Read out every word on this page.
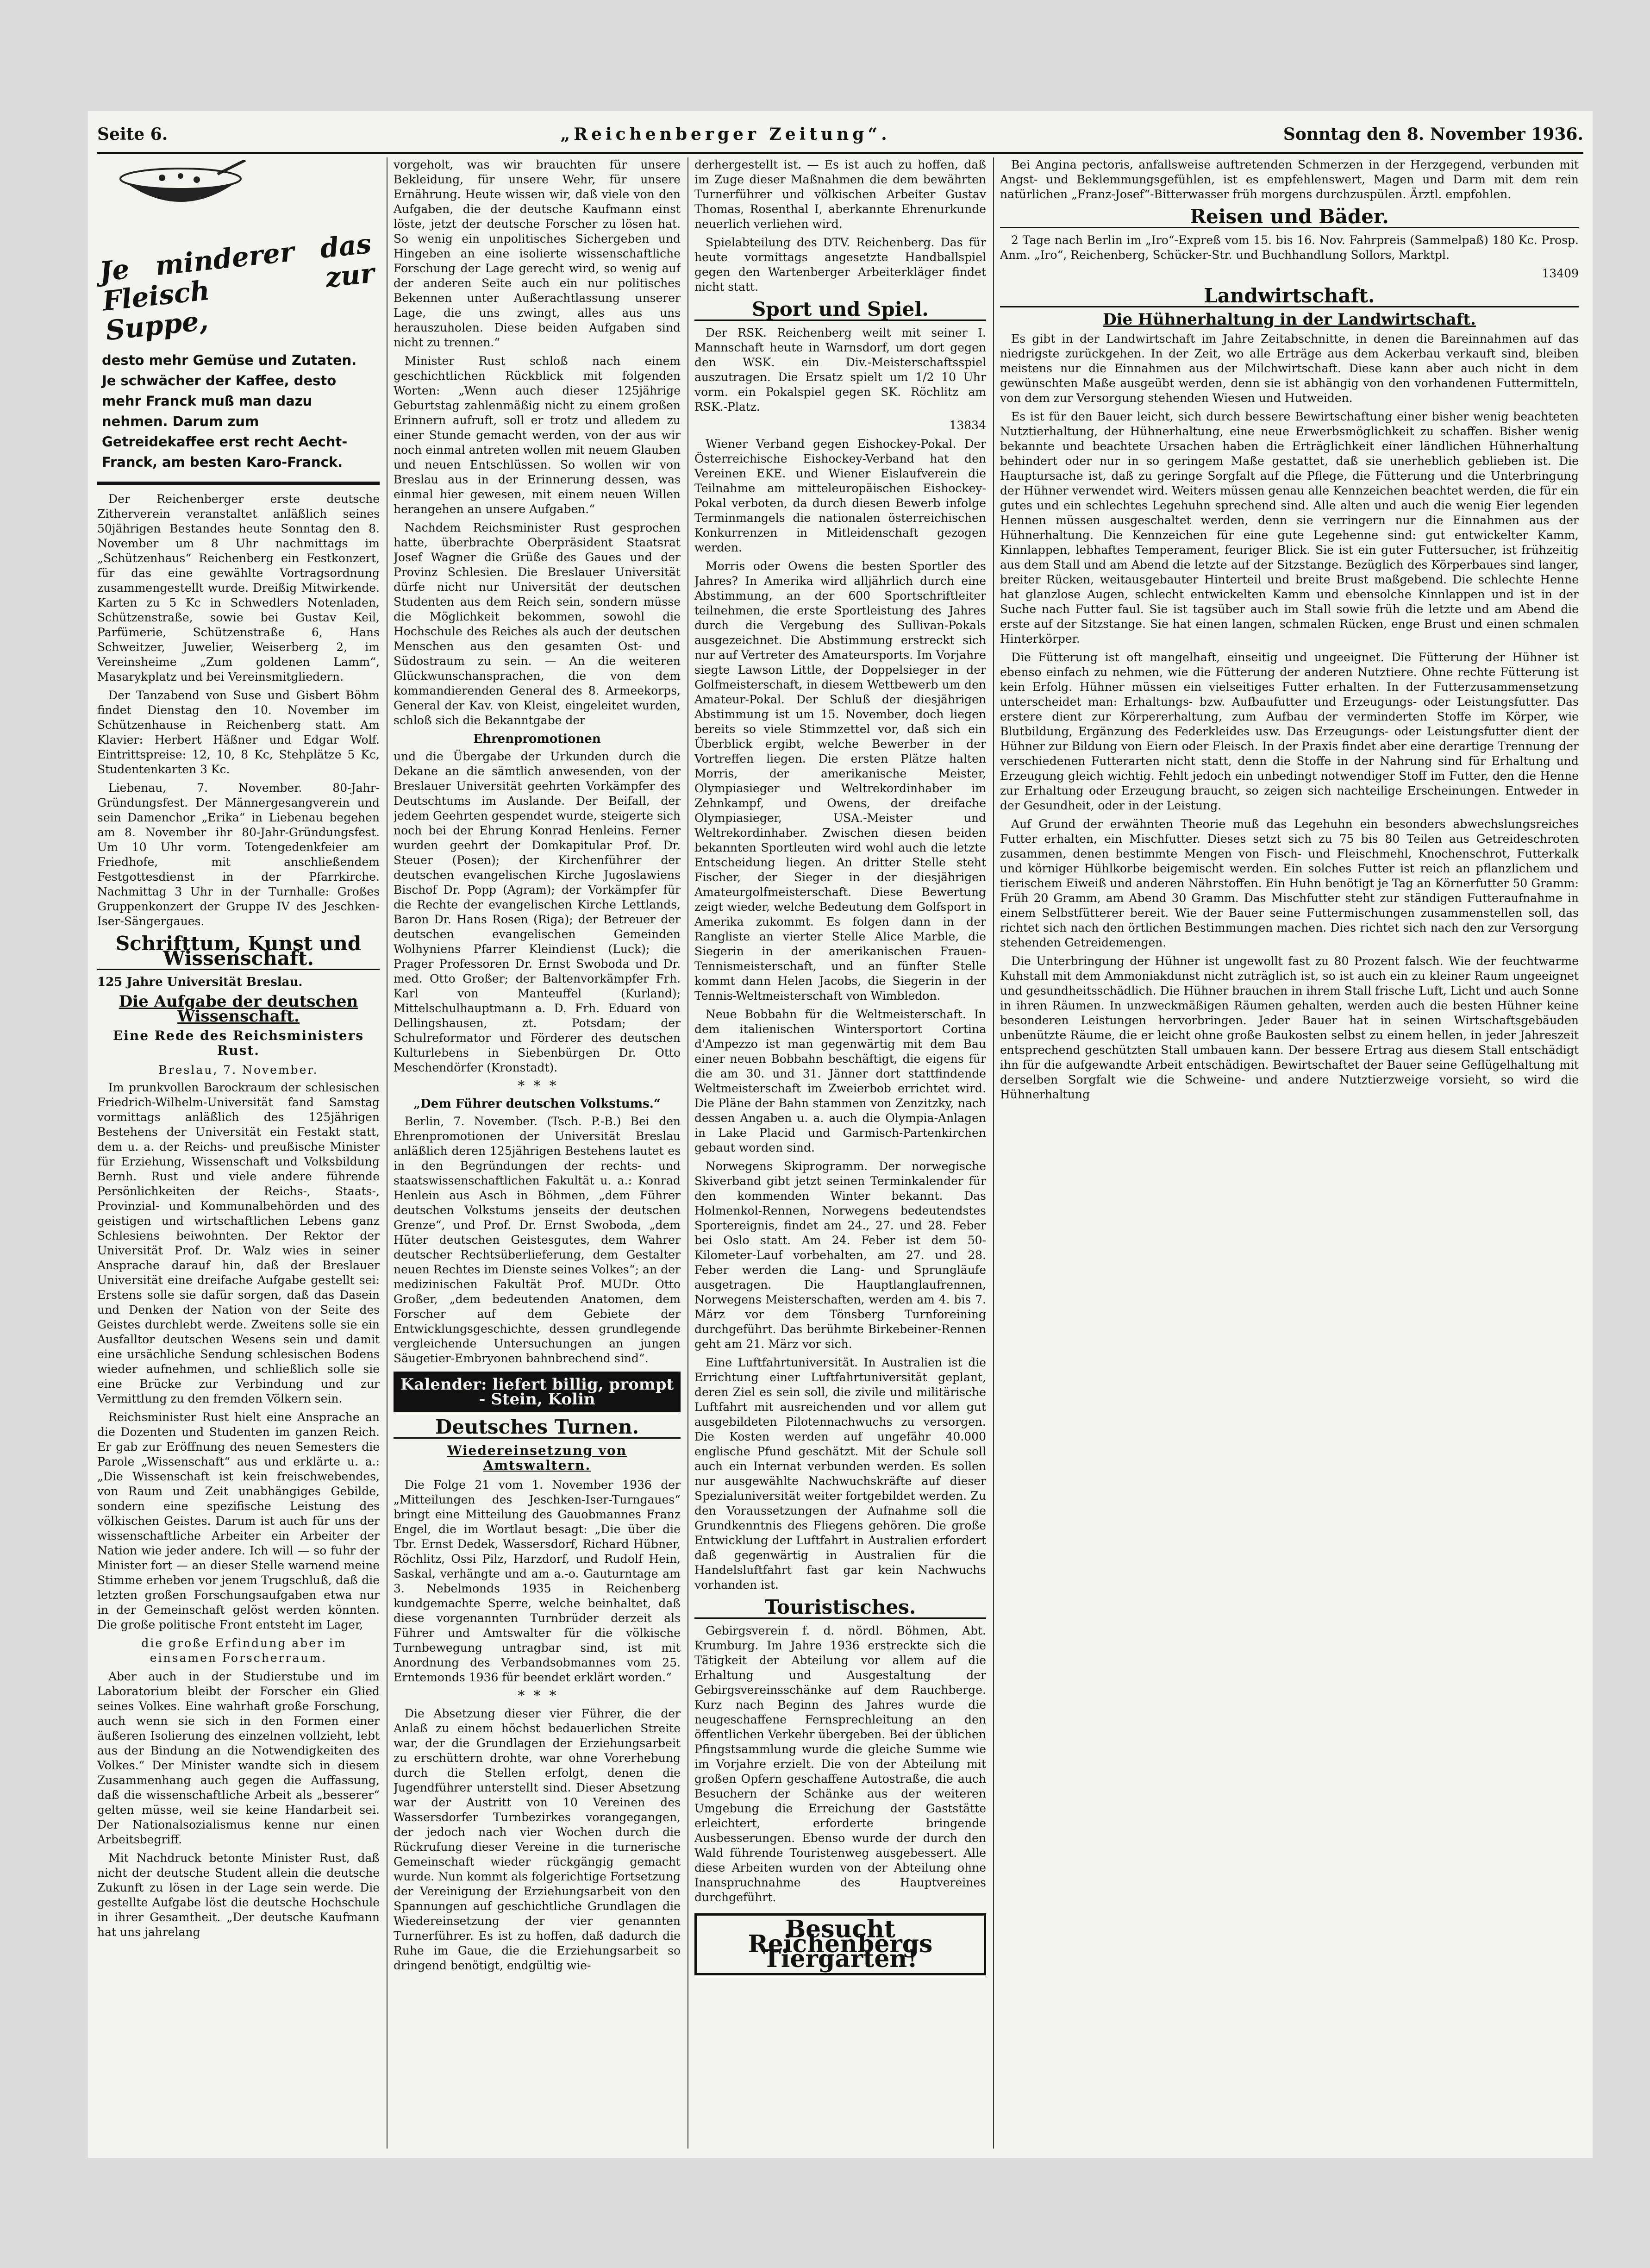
Seite 6.	„Reichenberger Zeitung“.	Sonntag den 8. November 1936.
Je minderer das Fleisch zur Suppe,
desto mehr Gemüse und Zutaten. Je schwächer der Kaffee, desto mehr Franck muß man dazu nehmen. Darum zum Getreidekaffee erst recht Aecht-Franck, am besten Karo-Franck.

Der Reichenberger erste deutsche Zitherverein veranstaltet anläßlich seines 50jährigen Bestandes heute Sonntag den 8. November um 8 Uhr nachmittags im „Schützenhaus“ Reichenberg ein Festkonzert, für das eine gewählte Vortragsordnung zusammengestellt wurde. Dreißig Mitwirkende. Karten zu 5 Kc in Schwedlers Notenladen, Schützenstraße, sowie bei Gustav Keil, Parfümerie, Schützenstraße 6, Hans Schweitzer, Juwelier, Weiserberg 2, im Vereinsheime „Zum goldenen Lamm“, Masarykplatz und bei Vereinsmitgliedern.

Der Tanzabend von Suse und Gisbert Böhm findet Dienstag den 10. November im Schützenhause in Reichenberg statt. Am Klavier: Herbert Häßner und Edgar Wolf. Eintrittspreise: 12, 10, 8 Kc, Stehplätze 5 Kc, Studentenkarten 3 Kc.

Liebenau, 7. November. 80-Jahr-Gründungsfest. Der Männergesangverein und sein Damenchor „Erika“ in Liebenau begehen am 8. November ihr 80-Jahr-Gründungsfest. Um 10 Uhr vorm. Totengedenkfeier am Friedhofe, mit anschließendem Festgottesdienst in der Pfarrkirche. Nachmittag 3 Uhr in der Turnhalle: Großes Gruppenkonzert der Gruppe IV des Jeschken-Iser-Sängergaues.

Schrifttum, Kunst und Wissenschaft.
125 Jahre Universität Breslau.
Die Aufgabe der deutschen Wissenschaft.
Eine Rede des Reichsministers Rust.
Breslau, 7. November.

Im prunkvollen Barockraum der schlesischen Friedrich-Wilhelm-Universität fand Samstag vormittags anläßlich des 125jährigen Bestehens der Universität ein Festakt statt, dem u. a. der Reichs- und preußische Minister für Erziehung, Wissenschaft und Volksbildung Bernh. Rust und viele andere führende Persönlichkeiten der Reichs-, Staats-, Provinzial- und Kommunalbehörden und des geistigen und wirtschaftlichen Lebens ganz Schlesiens beiwohnten. Der Rektor der Universität Prof. Dr. Walz wies in seiner Ansprache darauf hin, daß der Breslauer Universität eine dreifache Aufgabe gestellt sei: Erstens solle sie dafür sorgen, daß das Dasein und Denken der Nation von der Seite des Geistes durchlebt werde. Zweitens solle sie ein Ausfalltor deutschen Wesens sein und damit eine ursächliche Sendung schlesischen Bodens wieder aufnehmen, und schließlich solle sie eine Brücke zur Verbindung und zur Vermittlung zu den fremden Völkern sein.

Reichsminister Rust hielt eine Ansprache an die Dozenten und Studenten im ganzen Reich. Er gab zur Eröffnung des neuen Semesters die Parole „Wissenschaft“ aus und erklärte u. a.: „Die Wissenschaft ist kein freischwebendes, von Raum und Zeit unabhängiges Gebilde, sondern eine spezifische Leistung des völkischen Geistes. Darum ist auch für uns der wissenschaftliche Arbeiter ein Arbeiter der Nation wie jeder andere. Ich will — so fuhr der Minister fort — an dieser Stelle warnend meine Stimme erheben vor jenem Trugschluß, daß die letzten großen Forschungsaufgaben etwa nur in der Gemeinschaft gelöst werden könnten. Die große politische Front entsteht im Lager,

die große Erfindung aber im einsamen Forscherraum.

Aber auch in der Studierstube und im Laboratorium bleibt der Forscher ein Glied seines Volkes. Eine wahrhaft große Forschung, auch wenn sie sich in den Formen einer äußeren Isolierung des einzelnen vollzieht, lebt aus der Bindung an die Notwendigkeiten des Volkes.“ Der Minister wandte sich in diesem Zusammenhang auch gegen die Auffassung, daß die wissenschaftliche Arbeit als „besserer“ gelten müsse, weil sie keine Handarbeit sei. Der Nationalsozialismus kenne nur einen Arbeitsbegriff.

Mit Nachdruck betonte Minister Rust, daß nicht der deutsche Student allein die deutsche Zukunft zu lösen in der Lage sein werde. Die gestellte Aufgabe löst die deutsche Hochschule in ihrer Gesamtheit. „Der deutsche Kaufmann hat uns jahrelang

vorgeholt, was wir brauchten für unsere Bekleidung, für unsere Wehr, für unsere Ernährung. Heute wissen wir, daß viele von den Aufgaben, die der deutsche Kaufmann einst löste, jetzt der deutsche Forscher zu lösen hat. So wenig ein unpolitisches Sichergeben und Hingeben an eine isolierte wissenschaftliche Forschung der Lage gerecht wird, so wenig auf der anderen Seite auch ein nur politisches Bekennen unter Außerachtlassung unserer Lage, die uns zwingt, alles aus uns herauszuholen. Diese beiden Aufgaben sind nicht zu trennen.“

Minister Rust schloß nach einem geschichtlichen Rückblick mit folgenden Worten: „Wenn auch dieser 125jährige Geburtstag zahlenmäßig nicht zu einem großen Erinnern aufruft, soll er trotz und alledem zu einer Stunde gemacht werden, von der aus wir noch einmal antreten wollen mit neuem Glauben und neuen Entschlüssen. So wollen wir von Breslau aus in der Erinnerung dessen, was einmal hier gewesen, mit einem neuen Willen herangehen an unsere Aufgaben.“

Nachdem Reichsminister Rust gesprochen hatte, überbrachte Oberpräsident Staatsrat Josef Wagner die Grüße des Gaues und der Provinz Schlesien. Die Breslauer Universität dürfe nicht nur Universität der deutschen Studenten aus dem Reich sein, sondern müsse die Möglichkeit bekommen, sowohl die Hochschule des Reiches als auch der deutschen Menschen aus den gesamten Ost- und Südostraum zu sein. — An die weiteren Glückwunschansprachen, die von dem kommandierenden General des 8. Armeekorps, General der Kav. von Kleist, eingeleitet wurden, schloß sich die Bekanntgabe der

Ehrenpromotionen

und die Übergabe der Urkunden durch die Dekane an die sämtlich anwesenden, von der Breslauer Universität geehrten Vorkämpfer des Deutschtums im Auslande. Der Beifall, der jedem Geehrten gespendet wurde, steigerte sich noch bei der Ehrung Konrad Henleins. Ferner wurden geehrt der Domkapitular Prof. Dr. Steuer (Posen); der Kirchenführer der deutschen evangelischen Kirche Jugoslawiens Bischof Dr. Popp (Agram); der Vorkämpfer für die Rechte der evangelischen Kirche Lettlands, Baron Dr. Hans Rosen (Riga); der Betreuer der deutschen evangelischen Gemeinden Wolhyniens Pfarrer Kleindienst (Luck); die Prager Professoren Dr. Ernst Swoboda und Dr. med. Otto Großer; der Baltenvorkämpfer Frh. Karl von Manteuffel (Kurland); Mittelschulhauptmann a. D. Frh. Eduard von Dellingshausen, zt. Potsdam; der Schulreformator und Förderer des deutschen Kulturlebens in Siebenbürgen Dr. Otto Meschendörfer (Kronstadt).

*  *  *
„Dem Führer deutschen Volkstums.“

Berlin, 7. November. (Tsch. P.-B.) Bei den Ehrenpromotionen der Universität Breslau anläßlich deren 125jährigen Bestehens lautet es in den Begründungen der rechts- und staatswissenschaftlichen Fakultät u. a.: Konrad Henlein aus Asch in Böhmen, „dem Führer deutschen Volkstums jenseits der deutschen Grenze“, und Prof. Dr. Ernst Swoboda, „dem Hüter deutschen Geistesgutes, dem Wahrer deutscher Rechtsüberlieferung, dem Gestalter neuen Rechtes im Dienste seines Volkes“; an der medizinischen Fakultät Prof. MUDr. Otto Großer, „dem bedeutenden Anatomen, dem Forscher auf dem Gebiete der Entwicklungsgeschichte, dessen grundlegende vergleichende Untersuchungen an jungen Säugetier-Embryonen bahnbrechend sind“.

Kalender: liefert billig, prompt - Stein, Kolin
Deutsches Turnen.
Wiedereinsetzung von Amtswaltern.

Die Folge 21 vom 1. November 1936 der „Mitteilungen des Jeschken-Iser-Turngaues“ bringt eine Mitteilung des Gauobmannes Franz Engel, die im Wortlaut besagt: „Die über die Tbr. Ernst Dedek, Wassersdorf, Richard Hübner, Röchlitz, Ossi Pilz, Harzdorf, und Rudolf Hein, Saskal, verhängte und am a.-o. Gauturntage am 3. Nebelmonds 1935 in Reichenberg kundgemachte Sperre, welche beinhaltet, daß diese vorgenannten Turnbrüder derzeit als Führer und Amtswalter für die völkische Turnbewegung untragbar sind, ist mit Anordnung des Verbandsobmannes vom 25. Erntemonds 1936 für beendet erklärt worden.“

*  *  *

Die Absetzung dieser vier Führer, die der Anlaß zu einem höchst bedauerlichen Streite war, der die Grundlagen der Erziehungsarbeit zu erschüttern drohte, war ohne Vorerhebung durch die Stellen erfolgt, denen die Jugendführer unterstellt sind. Dieser Absetzung war der Austritt von 10 Vereinen des Wassersdorfer Turnbezirkes vorangegangen, der jedoch nach vier Wochen durch die Rückrufung dieser Vereine in die turnerische Gemeinschaft wieder rückgängig gemacht wurde. Nun kommt als folgerichtige Fortsetzung der Vereinigung der Erziehungsarbeit von den Spannungen auf geschichtliche Grundlagen die Wiedereinsetzung der vier genannten Turnerführer. Es ist zu hoffen, daß dadurch die Ruhe im Gaue, die die Erziehungsarbeit so dringend benötigt, endgültig wie-

derhergestellt ist. — Es ist auch zu hoffen, daß im Zuge dieser Maßnahmen die dem bewährten Turnerführer und völkischen Arbeiter Gustav Thomas, Rosenthal I, aberkannte Ehrenurkunde neuerlich verliehen wird.

Spielabteilung des DTV. Reichenberg. Das für heute vormittags angesetzte Handballspiel gegen den Wartenberger Arbeiterkläger findet nicht statt.

Sport und Spiel.

Der RSK. Reichenberg weilt mit seiner I. Mannschaft heute in Warnsdorf, um dort gegen den WSK. ein Div.-Meisterschaftsspiel auszutragen. Die Ersatz spielt um 1/2 10 Uhr vorm. ein Pokalspiel gegen SK. Röchlitz am RSK.-Platz.

13834

Wiener Verband gegen Eishockey-Pokal. Der Österreichische Eishockey-Verband hat den Vereinen EKE. und Wiener Eislaufverein die Teilnahme am mitteleuropäischen Eishockey-Pokal verboten, da durch diesen Bewerb infolge Terminmangels die nationalen österreichischen Konkurrenzen in Mitleidenschaft gezogen werden.

Morris oder Owens die besten Sportler des Jahres? In Amerika wird alljährlich durch eine Abstimmung, an der 600 Sportschriftleiter teilnehmen, die erste Sportleistung des Jahres durch die Vergebung des Sullivan-Pokals ausgezeichnet. Die Abstimmung erstreckt sich nur auf Vertreter des Amateursports. Im Vorjahre siegte Lawson Little, der Doppelsieger in der Golfmeisterschaft, in diesem Wettbewerb um den Amateur-Pokal. Der Schluß der diesjährigen Abstimmung ist um 15. November, doch liegen bereits so viele Stimmzettel vor, daß sich ein Überblick ergibt, welche Bewerber in der Vortreffen liegen. Die ersten Plätze halten Morris, der amerikanische Meister, Olympiasieger und Weltrekordinhaber im Zehnkampf, und Owens, der dreifache Olympiasieger, USA.-Meister und Weltrekordinhaber. Zwischen diesen beiden bekannten Sportleuten wird wohl auch die letzte Entscheidung liegen. An dritter Stelle steht Fischer, der Sieger in der diesjährigen Amateurgolfmeisterschaft. Diese Bewertung zeigt wieder, welche Bedeutung dem Golfsport in Amerika zukommt. Es folgen dann in der Rangliste an vierter Stelle Alice Marble, die Siegerin in der amerikanischen Frauen-Tennismeisterschaft, und an fünfter Stelle kommt dann Helen Jacobs, die Siegerin in der Tennis-Weltmeisterschaft von Wimbledon.

Neue Bobbahn für die Weltmeisterschaft. In dem italienischen Wintersportort Cortina d'Ampezzo ist man gegenwärtig mit dem Bau einer neuen Bobbahn beschäftigt, die eigens für die am 30. und 31. Jänner dort stattfindende Weltmeisterschaft im Zweierbob errichtet wird. Die Pläne der Bahn stammen von Zenzitzky, nach dessen Angaben u. a. auch die Olympia-Anlagen in Lake Placid und Garmisch-Partenkirchen gebaut worden sind.

Norwegens Skiprogramm. Der norwegische Skiverband gibt jetzt seinen Terminkalender für den kommenden Winter bekannt. Das Holmenkol-Rennen, Norwegens bedeutendstes Sportereignis, findet am 24., 27. und 28. Feber bei Oslo statt. Am 24. Feber ist dem 50-Kilometer-Lauf vorbehalten, am 27. und 28. Feber werden die Lang- und Sprungläufe ausgetragen. Die Hauptlanglaufrennen, Norwegens Meisterschaften, werden am 4. bis 7. März vor dem Tönsberg Turnforeining durchgeführt. Das berühmte Birkebeiner-Rennen geht am 21. März vor sich.

Eine Luftfahrtuniversität. In Australien ist die Errichtung einer Luftfahrtuniversität geplant, deren Ziel es sein soll, die zivile und militärische Luftfahrt mit ausreichenden und vor allem gut ausgebildeten Pilotennachwuchs zu versorgen. Die Kosten werden auf ungefähr 40.000 englische Pfund geschätzt. Mit der Schule soll auch ein Internat verbunden werden. Es sollen nur ausgewählte Nachwuchskräfte auf dieser Spezialuniversität weiter fortgebildet werden. Zu den Voraussetzungen der Aufnahme soll die Grundkenntnis des Fliegens gehören. Die große Entwicklung der Luftfahrt in Australien erfordert daß gegenwärtig in Australien für die Handelsluftfahrt fast gar kein Nachwuchs vorhanden ist.

Touristisches.

Gebirgsverein f. d. nördl. Böhmen, Abt. Krumburg. Im Jahre 1936 erstreckte sich die Tätigkeit der Abteilung vor allem auf die Erhaltung und Ausgestaltung der Gebirgsvereinsschänke auf dem Rauchberge. Kurz nach Beginn des Jahres wurde die neugeschaffene Fernsprechleitung an den öffentlichen Verkehr übergeben. Bei der üblichen Pfingstsammlung wurde die gleiche Summe wie im Vorjahre erzielt. Die von der Abteilung mit großen Opfern geschaffene Autostraße, die auch Besuchern der Schänke aus der weiteren Umgebung die Erreichung der Gaststätte erleichtert, erforderte bringende Ausbesserungen. Ebenso wurde der durch den Wald führende Touristenweg ausgebessert. Alle diese Arbeiten wurden von der Abteilung ohne Inanspruchnahme des Hauptvereines durchgeführt.

Besucht Reichenbergs Tiergarten!

Bei Angina pectoris, anfallsweise auftretenden Schmerzen in der Herzgegend, verbunden mit Angst- und Beklemmungsgefühlen, ist es empfehlenswert, Magen und Darm mit dem rein natürlichen „Franz-Josef“-Bitterwasser früh morgens durchzuspülen. Ärztl. empfohlen.

Reisen und Bäder.

2 Tage nach Berlin im „Iro“-Expreß vom 15. bis 16. Nov. Fahrpreis (Sammelpaß) 180 Kc. Prosp. Anm. „Iro“, Reichenberg, Schücker-Str. und Buchhandlung Sollors, Marktpl.

13409

Landwirtschaft.
Die Hühnerhaltung in der Landwirtschaft.

Es gibt in der Landwirtschaft im Jahre Zeitabschnitte, in denen die Bareinnahmen auf das niedrigste zurückgehen. In der Zeit, wo alle Erträge aus dem Ackerbau verkauft sind, bleiben meistens nur die Einnahmen aus der Milchwirtschaft. Diese kann aber auch nicht in dem gewünschten Maße ausgeübt werden, denn sie ist abhängig von den vorhandenen Futtermitteln, von dem zur Versorgung stehenden Wiesen und Hutweiden.

Es ist für den Bauer leicht, sich durch bessere Bewirtschaftung einer bisher wenig beachteten Nutztierhaltung, der Hühnerhaltung, eine neue Erwerbsmöglichkeit zu schaffen. Bisher wenig bekannte und beachtete Ursachen haben die Erträglichkeit einer ländlichen Hühnerhaltung behindert oder nur in so geringem Maße gestattet, daß sie unerheblich geblieben ist. Die Hauptursache ist, daß zu geringe Sorgfalt auf die Pflege, die Fütterung und die Unterbringung der Hühner verwendet wird. Weiters müssen genau alle Kennzeichen beachtet werden, die für ein gutes und ein schlechtes Legehuhn sprechend sind. Alle alten und auch die wenig Eier legenden Hennen müssen ausgeschaltet werden, denn sie verringern nur die Einnahmen aus der Hühnerhaltung. Die Kennzeichen für eine gute Legehenne sind: gut entwickelter Kamm, Kinnlappen, lebhaftes Temperament, feuriger Blick. Sie ist ein guter Futtersucher, ist frühzeitig aus dem Stall und am Abend die letzte auf der Sitzstange. Bezüglich des Körperbaues sind langer, breiter Rücken, weitausgebauter Hinterteil und breite Brust maßgebend. Die schlechte Henne hat glanzlose Augen, schlecht entwickelten Kamm und ebensolche Kinnlappen und ist in der Suche nach Futter faul. Sie ist tagsüber auch im Stall sowie früh die letzte und am Abend die erste auf der Sitzstange. Sie hat einen langen, schmalen Rücken, enge Brust und einen schmalen Hinterkörper.

Die Fütterung ist oft mangelhaft, einseitig und ungeeignet. Die Fütterung der Hühner ist ebenso einfach zu nehmen, wie die Fütterung der anderen Nutztiere. Ohne rechte Fütterung ist kein Erfolg. Hühner müssen ein vielseitiges Futter erhalten. In der Futterzusammensetzung unterscheidet man: Erhaltungs- bzw. Aufbaufutter und Erzeugungs- oder Leistungsfutter. Das erstere dient zur Körpererhaltung, zum Aufbau der verminderten Stoffe im Körper, wie Blutbildung, Ergänzung des Federkleides usw. Das Erzeugungs- oder Leistungsfutter dient der Hühner zur Bildung von Eiern oder Fleisch. In der Praxis findet aber eine derartige Trennung der verschiedenen Futterarten nicht statt, denn die Stoffe in der Nahrung sind für Erhaltung und Erzeugung gleich wichtig. Fehlt jedoch ein unbedingt notwendiger Stoff im Futter, den die Henne zur Erhaltung oder Erzeugung braucht, so zeigen sich nachteilige Erscheinungen. Entweder in der Gesundheit, oder in der Leistung.

Auf Grund der erwähnten Theorie muß das Legehuhn ein besonders abwechslungsreiches Futter erhalten, ein Mischfutter. Dieses setzt sich zu 75 bis 80 Teilen aus Getreideschroten zusammen, denen bestimmte Mengen von Fisch- und Fleischmehl, Knochenschrot, Futterkalk und körniger Hühlkorbe beigemischt werden. Ein solches Futter ist reich an pflanzlichem und tierischem Eiweiß und anderen Nährstoffen. Ein Huhn benötigt je Tag an Körnerfutter 50 Gramm: Früh 20 Gramm, am Abend 30 Gramm. Das Mischfutter steht zur ständigen Futteraufnahme in einem Selbstfütterer bereit. Wie der Bauer seine Futtermischungen zusammenstellen soll, das richtet sich nach den örtlichen Bestimmungen machen. Dies richtet sich nach den zur Versorgung stehenden Getreidemengen.

Die Unterbringung der Hühner ist ungewollt fast zu 80 Prozent falsch. Wie der feuchtwarme Kuhstall mit dem Ammoniakdunst nicht zuträglich ist, so ist auch ein zu kleiner Raum ungeeignet und gesundheitsschädlich. Die Hühner brauchen in ihrem Stall frische Luft, Licht und auch Sonne in ihren Räumen. In unzweckmäßigen Räumen gehalten, werden auch die besten Hühner keine besonderen Leistungen hervorbringen. Jeder Bauer hat in seinen Wirtschaftsgebäuden unbenützte Räume, die er leicht ohne große Baukosten selbst zu einem hellen, in jeder Jahreszeit entsprechend geschützten Stall umbauen kann. Der bessere Ertrag aus diesem Stall entschädigt ihn für die aufgewandte Arbeit entschädigen. Bewirtschaftet der Bauer seine Geflügelhaltung mit derselben Sorgfalt wie die Schweine- und andere Nutztierzweige vorsieht, so wird die Hühnerhaltung
